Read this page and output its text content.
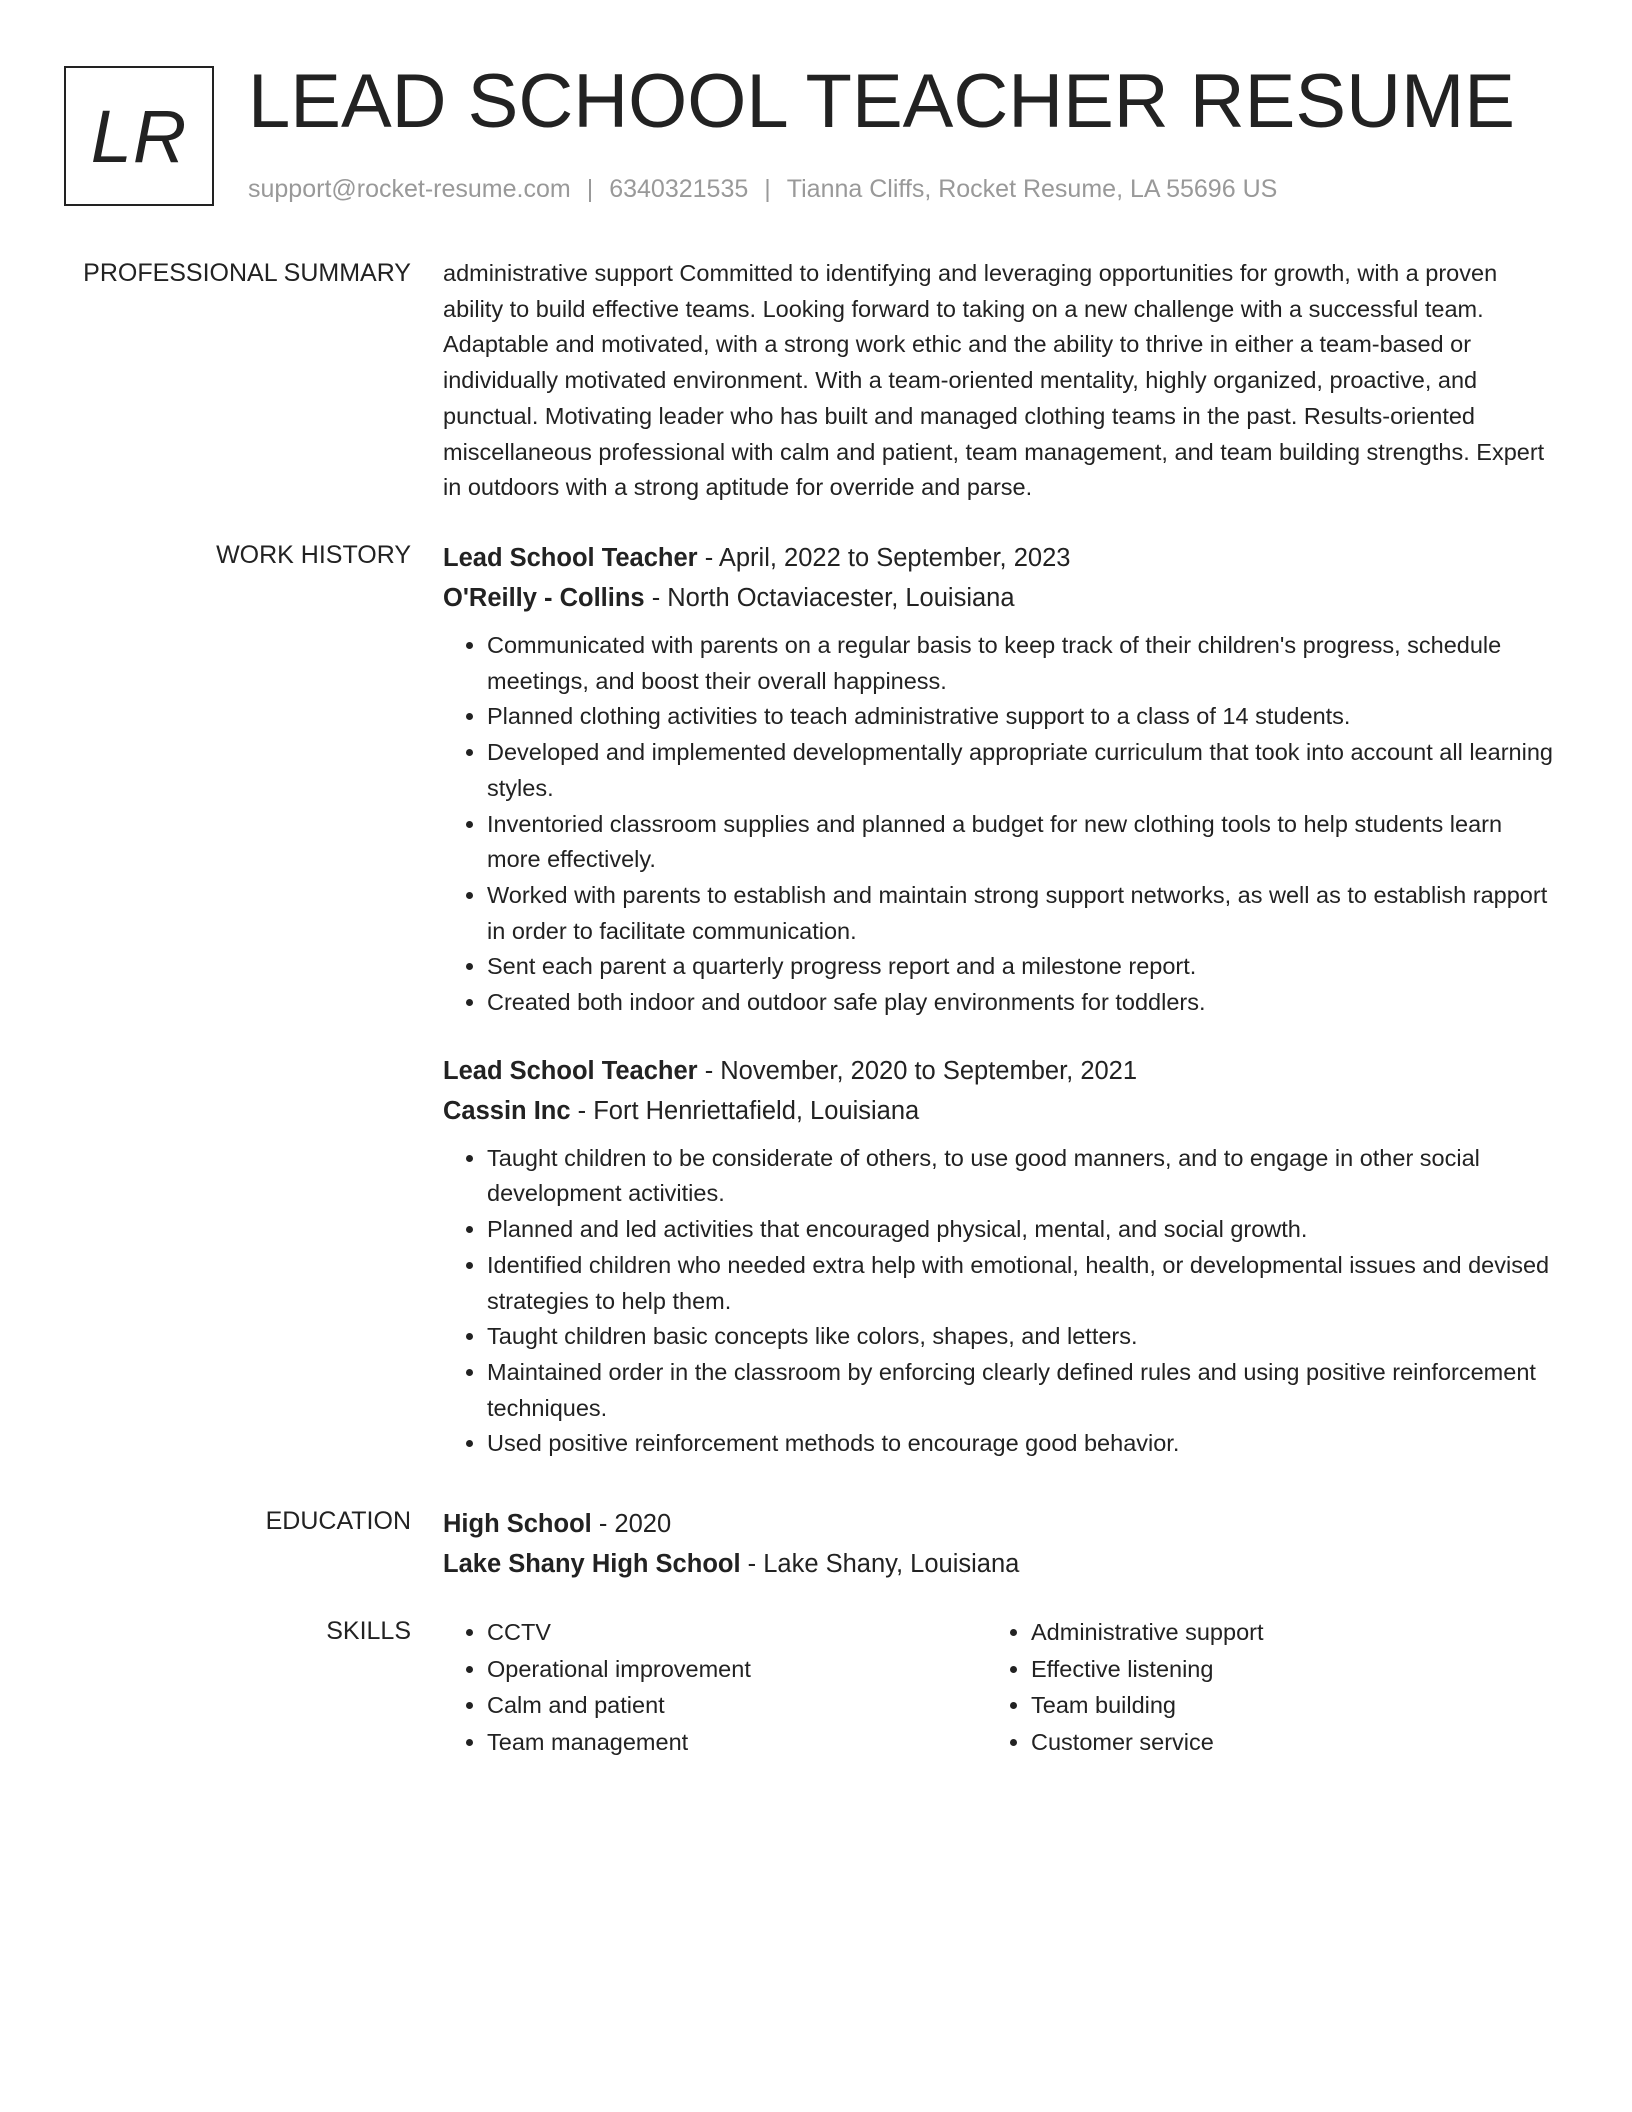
LR LEAD SCHOOL TEACHER RESUME
support@rocket-resume.com | 6340321535 | Tianna Cliffs, Rocket Resume, LA 55696 US
PROFESSIONAL SUMMARY administrative support Committed to identifying and leveraging opportunities for growth, with a proven ability to build effective teams. Looking forward to taking on a new challenge with a successful team. Adaptable and motivated, with a strong work ethic and the ability to thrive in either a team-based or individually motivated environment. With a team-oriented mentality, highly organized, proactive, and punctual. Motivating leader who has built and managed clothing teams in the past. Results-oriented miscellaneous professional with calm and patient, team management, and team building strengths. Expert in outdoors with a strong aptitude for override and parse.

WORK HISTORY Lead School Teacher - April, 2022 to September, 2023
O'Reilly - Collins - North Octaviacester, Louisiana
• Communicated with parents on a regular basis to keep track of their children's progress, schedule meetings, and boost their overall happiness.
• Planned clothing activities to teach administrative support to a class of 14 students.
• Developed and implemented developmentally appropriate curriculum that took into account all learning styles.
• Inventoried classroom supplies and planned a budget for new clothing tools to help students learn more effectively.
• Worked with parents to establish and maintain strong support networks, as well as to establish rapport in order to facilitate communication.
• Sent each parent a quarterly progress report and a milestone report.
• Created both indoor and outdoor safe play environments for toddlers.
Lead School Teacher - November, 2020 to September, 2021
Cassin Inc - Fort Henriettafield, Louisiana
• Taught children to be considerate of others, to use good manners, and to engage in other social development activities.
• Planned and led activities that encouraged physical, mental, and social growth.
• Identified children who needed extra help with emotional, health, or developmental issues and devised strategies to help them.
• Taught children basic concepts like colors, shapes, and letters.
• Maintained order in the classroom by enforcing clearly defined rules and using positive reinforcement techniques.
• Used positive reinforcement methods to encourage good behavior.
EDUCATION High School - 2020
Lake Shany High School - Lake Shany, Louisiana
SKILLS
•	CCTV
• Operational improvement
• Calm and patient
• Team management
• Administrative support
• Effective listening
• Team building
• Customer service
